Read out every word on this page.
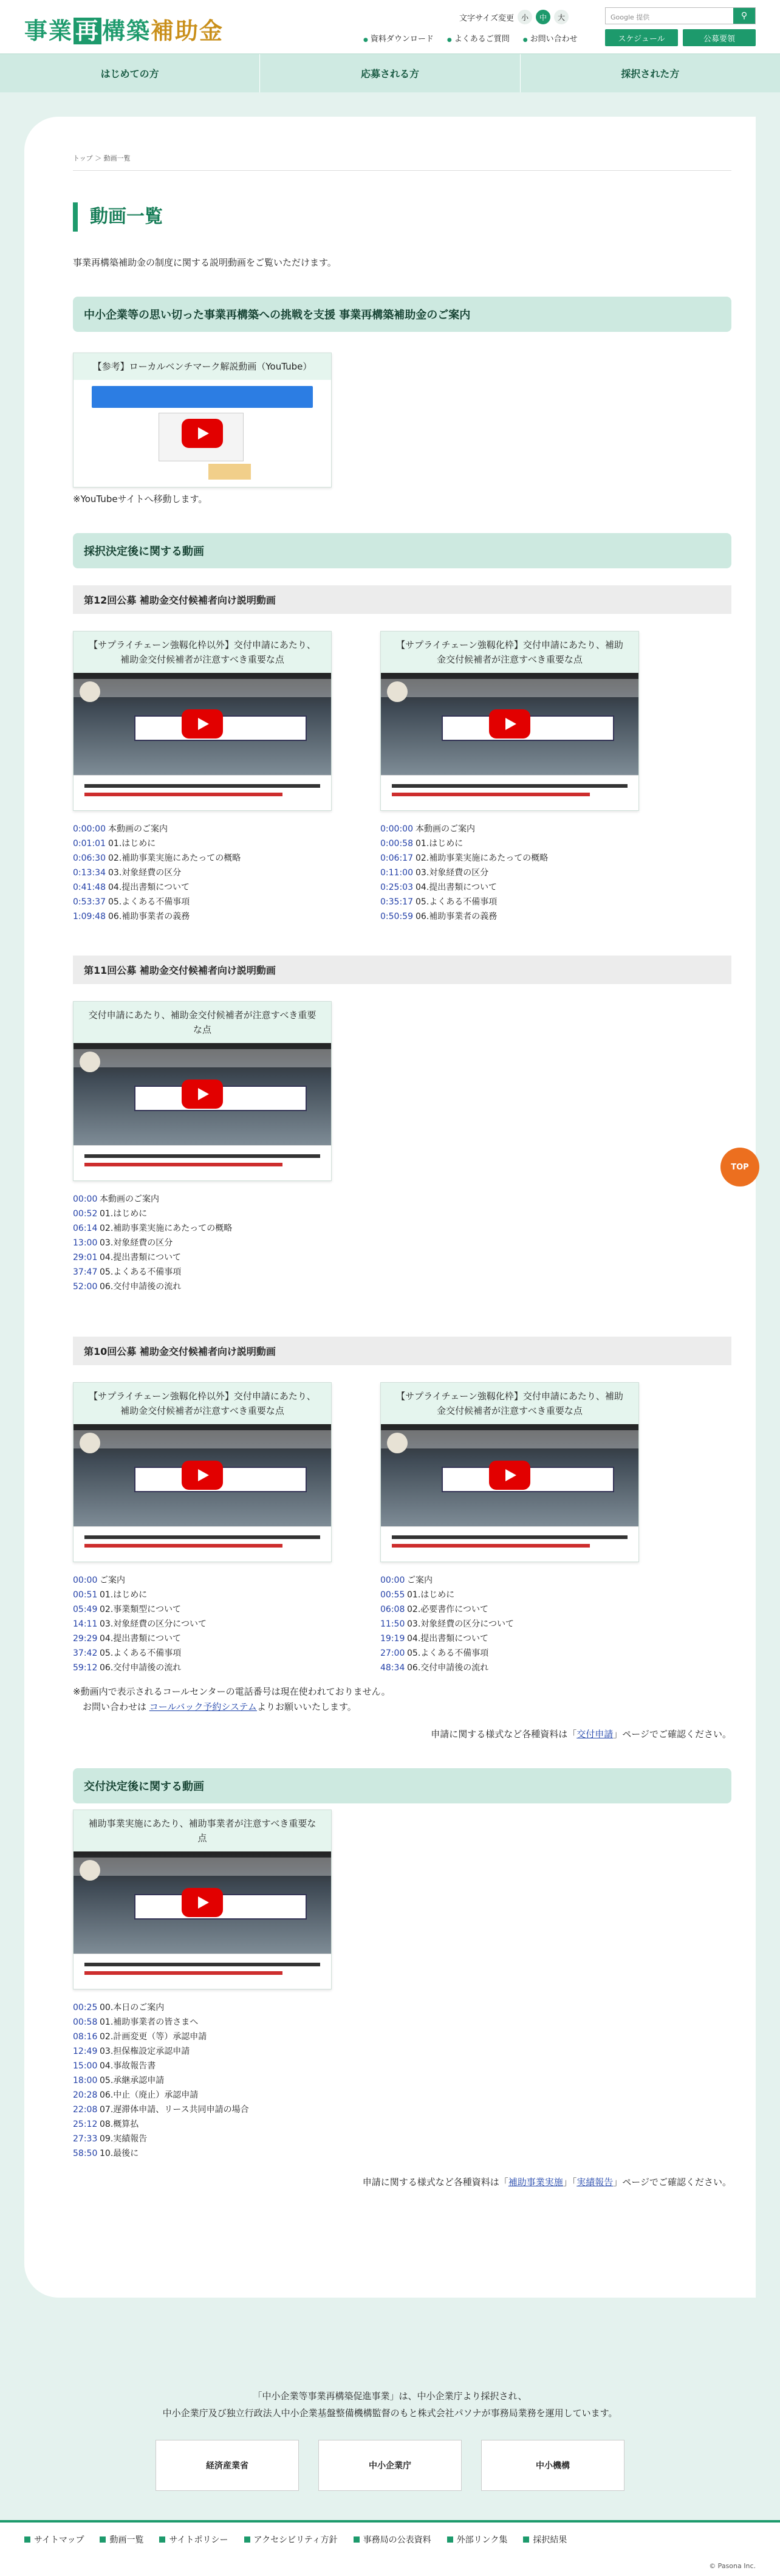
事業 再 構築補助金	文字サイズ変更 小	中	大	Google 提供	⚲
● 資料ダウンロード	● よくあるご質問	● お問い合わせ	スケジュール	公募要領
はじめての方	応募される方	採択された方
トップ ＞ 動画一覧
動画一覧

事業再構築補助金の制度に関する説明動画をご覧いただけます。

中小企業等の思い切った事業再構築への挑戦を支援 事業再構築補助金のご案内
【参考】ローカルベンチマーク解説動画（YouTube）

※YouTubeサイトへ移動します。

採択決定後に関する動画
第12回公募 補助金交付候補者向け説明動画
【サプライチェーン強靱化枠以外】交付申請にあたり、補助金交付候補者が注意すべき重要な点
0:00:00 本動画のご案内
0:01:01 01.はじめに
0:06:30 02.補助事業実施にあたっての概略
0:13:34 03.対象経費の区分
0:41:48 04.提出書類について
0:53:37 05.よくある不備事項
1:09:48 06.補助事業者の義務
【サプライチェーン強靱化枠】交付申請にあたり、補助金交付候補者が注意すべき重要な点
0:00:00 本動画のご案内
0:00:58 01.はじめに
0:06:17 02.補助事業実施にあたっての概略
0:11:00 03.対象経費の区分
0:25:03 04.提出書類について
0:35:17 05.よくある不備事項
0:50:59 06.補助事業者の義務
第11回公募 補助金交付候補者向け説明動画
交付申請にあたり、補助金交付候補者が注意すべき重要な点
00:00 本動画のご案内
00:52 01.はじめに
06:14 02.補助事業実施にあたっての概略
13:00 03.対象経費の区分
29:01 04.提出書類について
37:47 05.よくある不備事項
52:00 06.交付申請後の流れ
第10回公募 補助金交付候補者向け説明動画
【サプライチェーン強靱化枠以外】交付申請にあたり、補助金交付候補者が注意すべき重要な点
00:00 ご案内
00:51 01.はじめに
05:49 02.事業類型について
14:11 03.対象経費の区分について
29:29 04.提出書類について
37:42 05.よくある不備事項
59:12 06.交付申請後の流れ
【サプライチェーン強靱化枠】交付申請にあたり、補助金交付候補者が注意すべき重要な点
00:00 ご案内
00:55 01.はじめに
06:08 02.必要書作について
11:50 03.対象経費の区分について
19:19 04.提出書類について
27:00 05.よくある不備事項
48:34 06.交付申請後の流れ

※動画内で表示されるコールセンターの電話番号は現在使われておりません。

お問い合わせは コールバック予約システムよりお願いいたします。

申請に関する様式など各種資料は「交付申請」ページでご確認ください。

交付決定後に関する動画
補助事業実施にあたり、補助事業者が注意すべき重要な点
00:25 00.本日のご案内
00:58 01.補助事業者の皆さまへ
08:16 02.計画変更（等）承認申請
12:49 03.担保権設定承認申請
15:00 04.事故報告書
18:00 05.承継承認申請
20:28 06.中止（廃止）承認申請
22:08 07.遅滞体申請、リース共同申請の場合
25:12 08.概算払
27:33 09.実績報告
58:50 10.最後に

申請に関する様式など各種資料は「補助事業実施」「実績報告」ページでご確認ください。

TOP
「中小企業等事業再構築促進事業」は、中小企業庁より採択され、
中小企業庁及び独立行政法人中小企業基盤整備機構監督のもと株式会社パソナが事務局業務を運用しています。
経済産業省	中小企業庁	中小機構
サイトマップ	動画一覧	サイトポリシー	アクセシビリティ方針	事務局の公表資料	外部リンク集	採択結果
© Pasona Inc.
